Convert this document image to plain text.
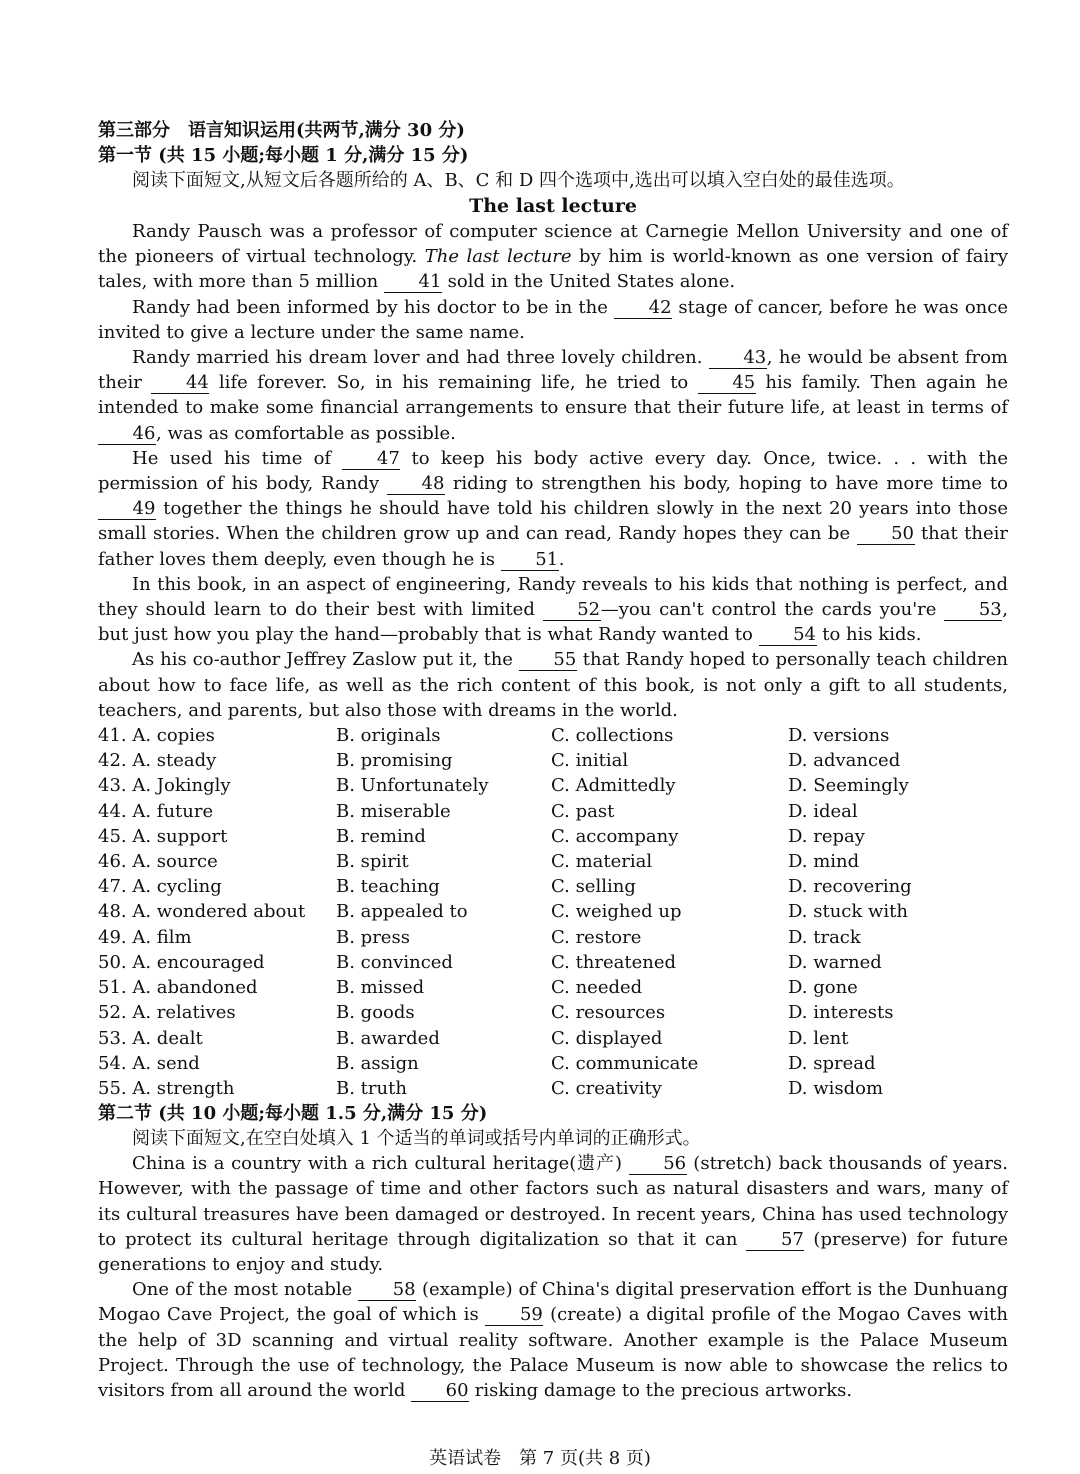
第三部分　语言知识运用(共两节,满分 30 分)
第一节 (共 15 小题;每小题 1 分,满分 15 分)
阅读下面短文,从短文后各题所给的 A、B、C 和 D 四个选项中,选出可以填入空白处的最佳选项。
The last lecture

Randy Pausch was a professor of computer science at Carnegie Mellon University and one of the pioneers of virtual technology. The last lecture by him is world-known as one version of fairy tales, with more than 5 million 41 sold in the United States alone.

Randy had been informed by his doctor to be in the 42 stage of cancer, before he was once invited to give a lecture under the same name.

Randy married his dream lover and had three lovely children. 43, he would be absent from their 44 life forever. So, in his remaining life, he tried to 45 his family. Then again he intended to make some financial arrangements to ensure that their future life, at least in terms of 46, was as comfortable as possible.

He used his time of 47 to keep his body active every day. Once, twice. . . with the permission of his body, Randy 48 riding to strengthen his body, hoping to have more time to 49 together the things he should have told his children slowly in the next 20 years into those small stories. When the children grow up and can read, Randy hopes they can be 50 that their father loves them deeply, even though he is 51.

In this book, in an aspect of engineering, Randy reveals to his kids that nothing is perfect, and they should learn to do their best with limited 52—you can't control the cards you're 53, but just how you play the hand—probably that is what Randy wanted to 54 to his kids.

As his co-author Jeffrey Zaslow put it, the 55 that Randy hoped to personally teach children about how to face life, as well as the rich content of this book, is not only a gift to all students, teachers, and parents, but also those with dreams in the world.

41. A. copies	B. originals	C. collections	D. versions
42. A. steady	B. promising	C. initial	D. advanced
43. A. Jokingly	B. Unfortunately	C. Admittedly	D. Seemingly
44. A. future	B. miserable	C. past	D. ideal
45. A. support	B. remind	C. accompany	D. repay
46. A. source	B. spirit	C. material	D. mind
47. A. cycling	B. teaching	C. selling	D. recovering
48. A. wondered about	B. appealed to	C. weighed up	D. stuck with
49. A. film	B. press	C. restore	D. track
50. A. encouraged	B. convinced	C. threatened	D. warned
51. A. abandoned	B. missed	C. needed	D. gone
52. A. relatives	B. goods	C. resources	D. interests
53. A. dealt	B. awarded	C. displayed	D. lent
54. A. send	B. assign	C. communicate	D. spread
55. A. strength	B. truth	C. creativity	D. wisdom
第二节 (共 10 小题;每小题 1.5 分,满分 15 分)
阅读下面短文,在空白处填入 1 个适当的单词或括号内单词的正确形式。

China is a country with a rich cultural heritage(遗产) 56 (stretch) back thousands of years. However, with the passage of time and other factors such as natural disasters and wars, many of its cultural treasures have been damaged or destroyed. In recent years, China has used technology to protect its cultural heritage through digitalization so that it can 57 (preserve) for future generations to enjoy and study.

One of the most notable 58 (example) of China's digital preservation effort is the Dunhuang Mogao Cave Project, the goal of which is 59 (create) a digital profile of the Mogao Caves with the help of 3D scanning and virtual reality software. Another example is the Palace Museum Project. Through the use of technology, the Palace Museum is now able to showcase the relics to visitors from all around the world 60 risking damage to the precious artworks.

英语试卷　第 7 页(共 8 页)
